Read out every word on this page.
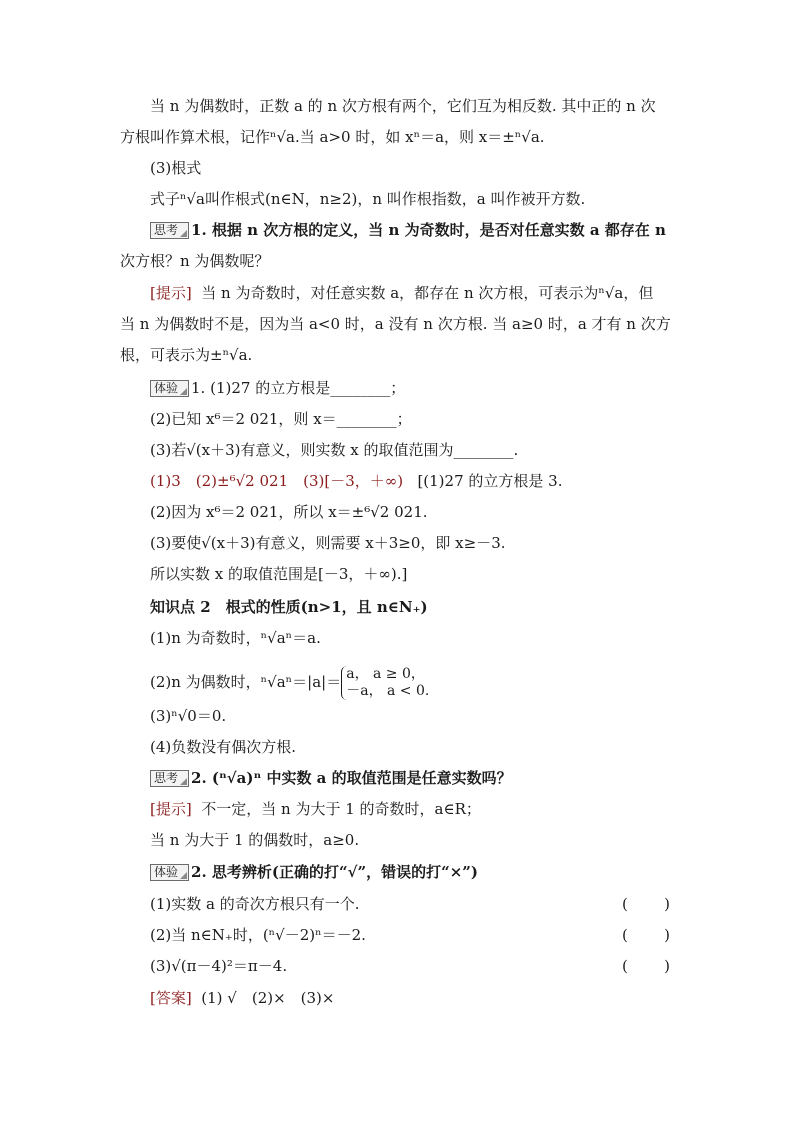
当 n 为偶数时，正数 a 的 n 次方根有两个，它们互为相反数. 其中正的 n 次
方根叫作算术根，记作ⁿ√a.当 a>0 时，如 xⁿ＝a，则 x＝±ⁿ√a.
(3)根式
式子ⁿ√a叫作根式(n∈N，n≥2)，n 叫作根指数，a 叫作被开方数.
思考 1. 根据 n 次方根的定义，当 n 为奇数时，是否对任意实数 a 都存在 n
次方根？n 为偶数呢？
[提示] 当 n 为奇数时，对任意实数 a，都存在 n 次方根，可表示为ⁿ√a，但
当 n 为偶数时不是，因为当 a<0 时，a 没有 n 次方根. 当 a≥0 时，a 才有 n 次方
根，可表示为±ⁿ√a.
体验 1. (1)27 的立方根是________；
(2)已知 x⁶＝2 021，则 x＝________；
(3)若√(x＋3)有意义，则实数 x 的取值范围为________.
(1)3　(2)±⁶√2 021　(3)[－3，＋∞) [(1)27 的立方根是 3.
(2)因为 x⁶＝2 021，所以 x＝±⁶√2 021.
(3)要使√(x＋3)有意义，则需要 x＋3≥0，即 x≥－3.
所以实数 x 的取值范围是[－3，＋∞).]
知识点 2　根式的性质(n>1，且 n∈N₊)
(1)n 为奇数时，ⁿ√aⁿ＝a.
(2)n 为偶数时，ⁿ√aⁿ＝|a|＝ a， a ≥ 0，
－a， a < 0.
(3)ⁿ√0＝0.
(4)负数没有偶次方根.
思考 2. (ⁿ√a)ⁿ 中实数 a 的取值范围是任意实数吗？
[提示] 不一定，当 n 为大于 1 的奇数时，a∈R；
当 n 为大于 1 的偶数时，a≥0.
体验 2. 思考辨析(正确的打“√”，错误的打“×”)
(1)实数 a 的奇次方根只有一个.	( )
(2)当 n∈N₊时，(ⁿ√－2)ⁿ＝－2.	( )
(3)√(π－4)²＝π－4.	( )
[答案] (1) √　(2)×　(3)×
